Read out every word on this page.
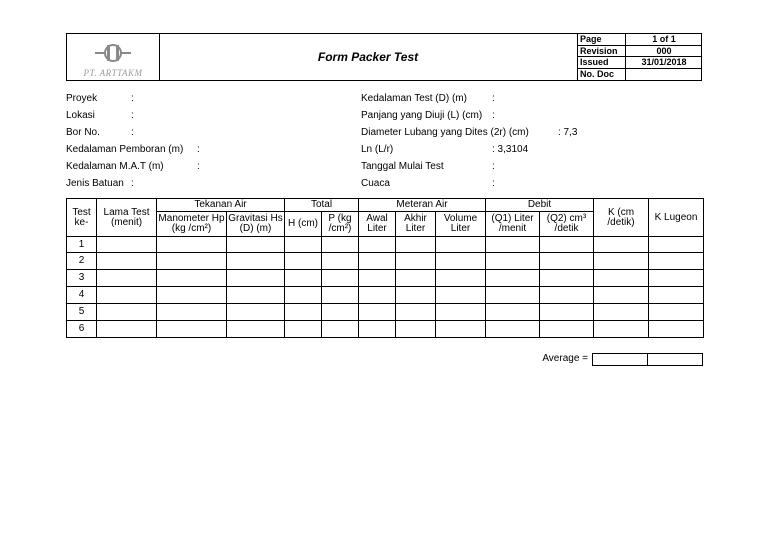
PT. ARTTAKM
Form Packer Test
Page	1 of 1
Revision	000
Issued	31/01/2018
No. Doc
Proyek	:
Lokasi	:
Bor No.	:
Kedalaman Pemboran (m) :
Kedalaman M.A.T (m)	:
Jenis Batuan :
Kedalaman Test (D) (m)	:
Panjang yang Diuji (L) (cm) :
Diameter Lubang yang Dites (2r) (cm)	: 7,3
Ln (L/r)	: 3,3104
Tanggal Mulai Test	:
Cuaca	:
Test ke-	Lama Test (menit)	Tekanan Air		Total		Meteran Air			Debit		K (cm /detik)	K Lugeon
		Manometer Hp (kg /cm²)	Gravitasi Hs (D) (m)	H (cm)	P (kg /cm²)	Awal Liter	Akhir Liter	Volume Liter	(Q1) Liter /menit	(Q2) cm³ /detik		
1												
2												
3												
4												
5												
6												
Average =
